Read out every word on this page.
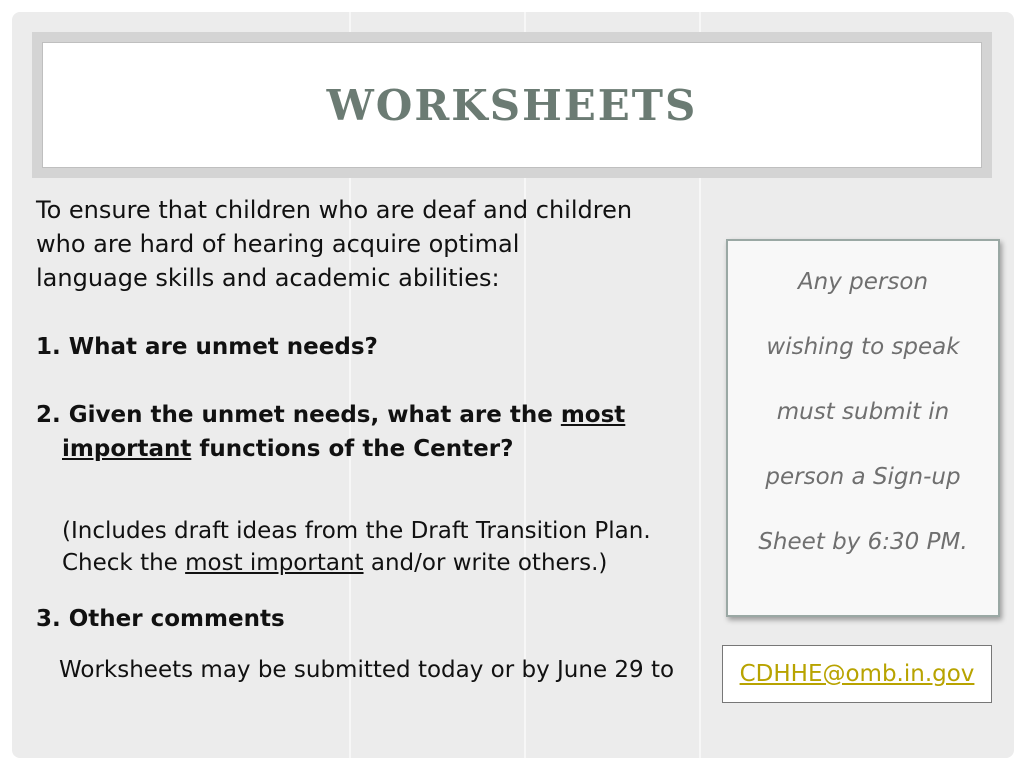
WORKSHEETS
To ensure that children who are deaf and children
who are hard of hearing acquire optimal
language skills and academic abilities:
1. What are unmet needs?
2. Given the unmet needs, what are the most
important functions of the Center?
(Includes draft ideas from the Draft Transition Plan.
Check the most important and/or write others.)
3. Other comments
Worksheets may be submitted today or by June 29 to	CDHHE@omb.in.gov
Any person
wishing to speak
must submit in
person a Sign-up
Sheet by 6:30 PM.
